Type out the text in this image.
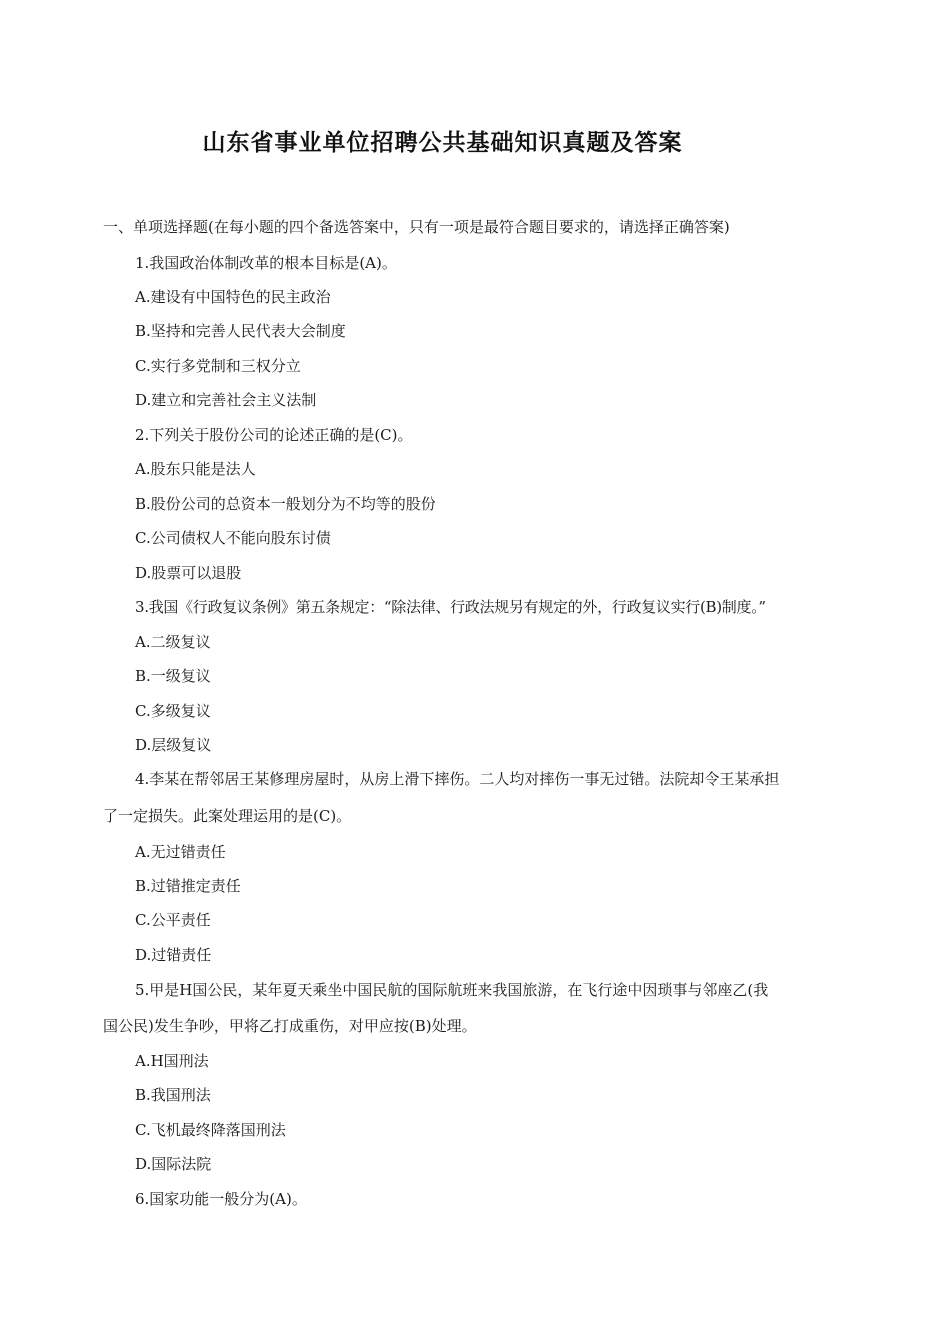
山东省事业单位招聘公共基础知识真题及答案
一、单项选择题(在每小题的四个备选答案中，只有一项是最符合题目要求的，请选择正确答案)
1.我国政治体制改革的根本目标是(A)。
A.建设有中国特色的民主政治
B.坚持和完善人民代表大会制度
C.实行多党制和三权分立
D.建立和完善社会主义法制
2.下列关于股份公司的论述正确的是(C)。
A.股东只能是法人
B.股份公司的总资本一般划分为不均等的股份
C.公司债权人不能向股东讨债
D.股票可以退股
3.我国《行政复议条例》第五条规定：“除法律、行政法规另有规定的外，行政复议实行(B)制度。”
A.二级复议
B.一级复议
C.多级复议
D.层级复议
4.李某在帮邻居王某修理房屋时，从房上滑下摔伤。二人均对摔伤一事无过错。法院却令王某承担
了一定损失。此案处理运用的是(C)。
A.无过错责任
B.过错推定责任
C.公平责任
D.过错责任
5.甲是H国公民，某年夏天乘坐中国民航的国际航班来我国旅游，在飞行途中因琐事与邻座乙(我
国公民)发生争吵，甲将乙打成重伤，对甲应按(B)处理。
A.H国刑法
B.我国刑法
C.飞机最终降落国刑法
D.国际法院
6.国家功能一般分为(A)。
